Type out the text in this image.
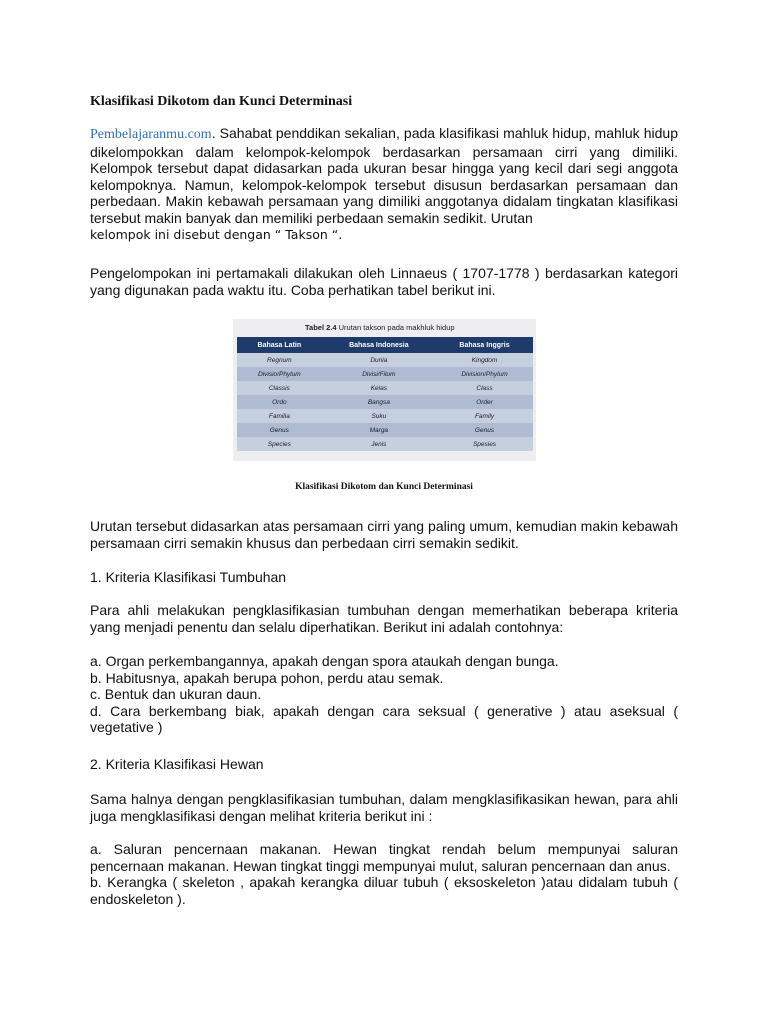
Klasifikasi Dikotom dan Kunci Determinasi

Pembelajaranmu.com. Sahabat penddikan sekalian, pada klasifikasi mahluk hidup, mahluk hidup dikelompokkan dalam kelompok-kelompok berdasarkan persamaan cirri yang dimiliki. Kelompok tersebut dapat didasarkan pada ukuran besar hingga yang kecil dari segi anggota kelompoknya. Namun, kelompok-kelompok tersebut disusun berdasarkan persamaan dan perbedaan. Makin kebawah persamaan yang dimiliki anggotanya didalam tingkatan klasifikasi tersebut makin banyak dan memiliki perbedaan semakin sedikit. Urutan
kelompok ini disebut dengan “ Takson “.

Pengelompokan ini pertamakali dilakukan oleh Linnaeus ( 1707-1778 ) berdasarkan kategori yang digunakan pada waktu itu. Coba perhatikan tabel berikut ini.

Tabel 2.4 Urutan takson pada makhluk hidup
Bahasa Latin	Bahasa Indonesia	Bahasa Inggris
Regnum	Dunia	Kingdom
Divisio/Phylum	Divisi/Filum	Division/Phylum
Classis	Kelas	Class
Ordo	Bangsa	Order
Familia	Suku	Family
Genus	Marga	Genus
Species	Jenis	Spesies
Klasifikasi Dikotom dan Kunci Determinasi

Urutan tersebut didasarkan atas persamaan cirri yang paling umum, kemudian makin kebawah persamaan cirri semakin khusus dan perbedaan cirri semakin sedikit.

1. Kriteria Klasifikasi Tumbuhan

Para ahli melakukan pengklasifikasian tumbuhan dengan memerhatikan beberapa kriteria yang menjadi penentu dan selalu diperhatikan. Berikut ini adalah contohnya:

a. Organ perkembangannya, apakah dengan spora ataukah dengan bunga.

b. Habitusnya, apakah berupa pohon, perdu atau semak.

c. Bentuk dan ukuran daun.

d. Cara berkembang biak, apakah dengan cara seksual ( generative ) atau aseksual ( vegetative )

2. Kriteria Klasifikasi Hewan

Sama halnya dengan pengklasifikasian tumbuhan, dalam mengklasifikasikan hewan, para ahli juga mengklasifikasi dengan melihat kriteria berikut ini :

a. Saluran pencernaan makanan. Hewan tingkat rendah belum mempunyai saluran pencernaan makanan. Hewan tingkat tinggi mempunyai mulut, saluran pencernaan dan anus.

b. Kerangka ( skeleton , apakah kerangka diluar tubuh ( eksoskeleton )atau didalam tubuh ( endoskeleton ).
